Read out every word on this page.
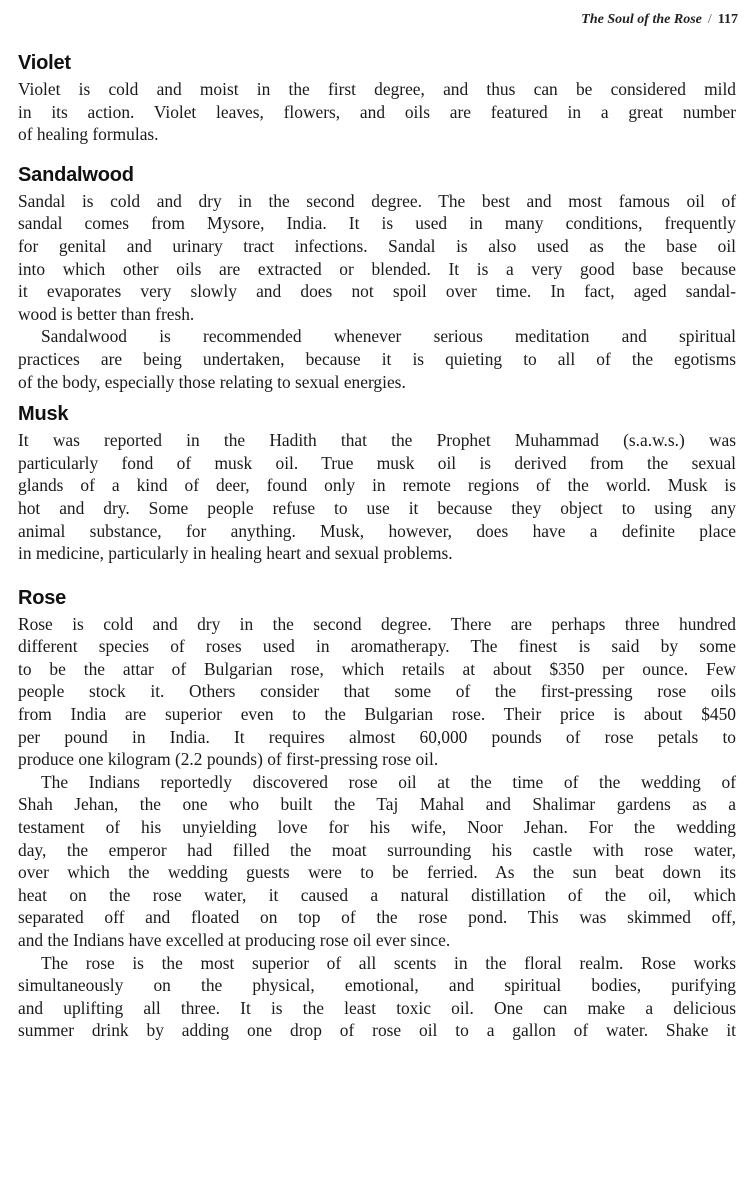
The Soul of the Rose / 117
Violet

Violet is cold and moist in the first degree, and thus can be considered mild
in its action. Violet leaves, flowers, and oils are featured in a great number
of healing formulas.

Sandalwood

Sandal is cold and dry in the second degree. The best and most famous oil of
sandal comes from Mysore, India. It is used in many conditions, frequently
for genital and urinary tract infections. Sandal is also used as the base oil
into which other oils are extracted or blended. It is a very good base because
it evaporates very slowly and does not spoil over time. In fact, aged sandal-
wood is better than fresh.

Sandalwood is recommended whenever serious meditation and spiritual
practices are being undertaken, because it is quieting to all of the egotisms
of the body, especially those relating to sexual energies.

Musk

It was reported in the Hadith that the Prophet Muhammad (s.a.w.s.) was
particularly fond of musk oil. True musk oil is derived from the sexual
glands of a kind of deer, found only in remote regions of the world. Musk is
hot and dry. Some people refuse to use it because they object to using any
animal substance, for anything. Musk, however, does have a definite place
in medicine, particularly in healing heart and sexual problems.

Rose

Rose is cold and dry in the second degree. There are perhaps three hundred
different species of roses used in aromatherapy. The finest is said by some
to be the attar of Bulgarian rose, which retails at about $350 per ounce. Few
people stock it. Others consider that some of the first-pressing rose oils
from India are superior even to the Bulgarian rose. Their price is about $450
per pound in India. It requires almost 60,000 pounds of rose petals to
produce one kilogram (2.2 pounds) of first-pressing rose oil.

The Indians reportedly discovered rose oil at the time of the wedding of
Shah Jehan, the one who built the Taj Mahal and Shalimar gardens as a
testament of his unyielding love for his wife, Noor Jehan. For the wedding
day, the emperor had filled the moat surrounding his castle with rose water,
over which the wedding guests were to be ferried. As the sun beat down its
heat on the rose water, it caused a natural distillation of the oil, which
separated off and floated on top of the rose pond. This was skimmed off,
and the Indians have excelled at producing rose oil ever since.

The rose is the most superior of all scents in the floral realm. Rose works
simultaneously on the physical, emotional, and spiritual bodies, purifying
and uplifting all three. It is the least toxic oil. One can make a delicious
summer drink by adding one drop of rose oil to a gallon of water. Shake it
